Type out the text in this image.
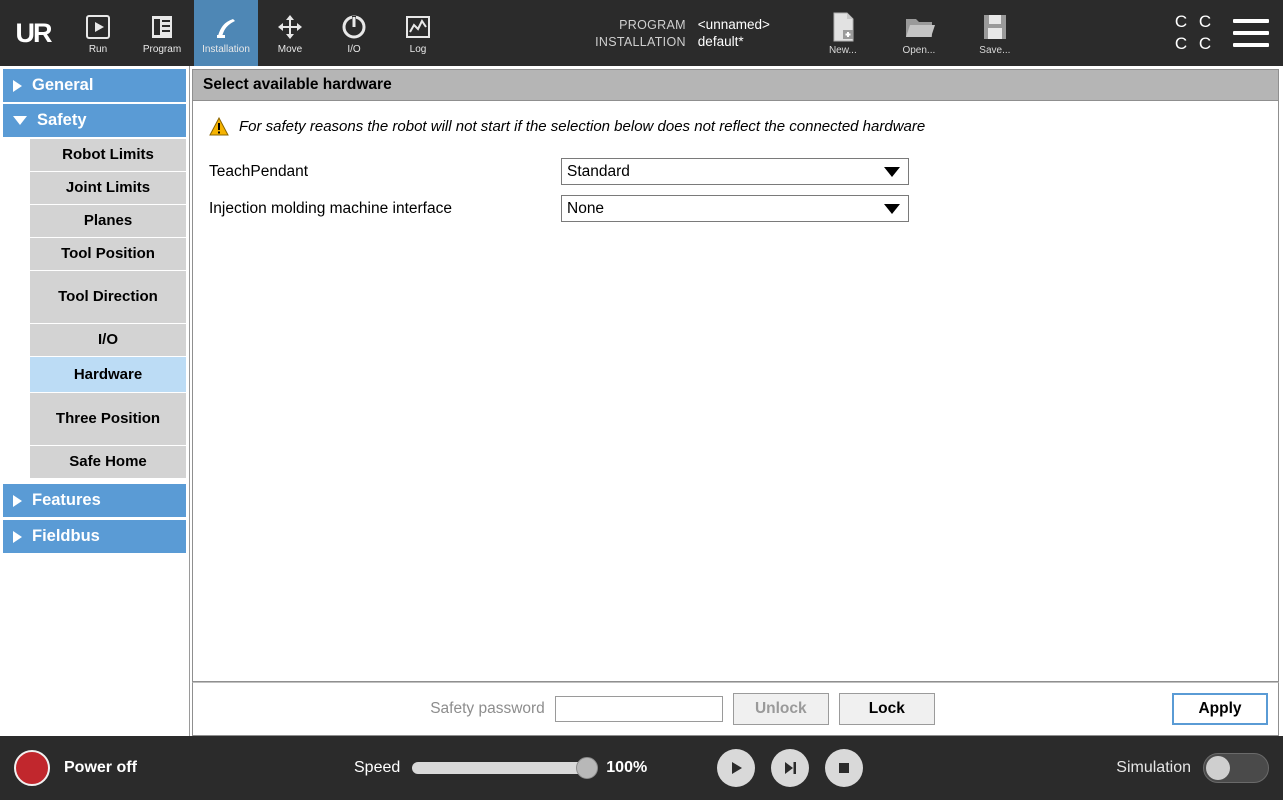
UR
Run	Program Installation	Move	I/O	Log
PROGRAM <unnamed>
INSTALLATION default*
New...	Open...	Save...
C C
C C
General
Safety
Robot Limits
Joint Limits
Planes
Tool Position
Tool Direction
I/O
Hardware
Three Position
Safe Home
Features
Fieldbus
Select available hardware
For safety reasons the robot will not start if the selection below does not reflect the connected hardware
TeachPendant	Standard
Injection molding machine interface	None
Safety password	Unlock	Lock	Apply
Power off	Speed	100%	Simulation
